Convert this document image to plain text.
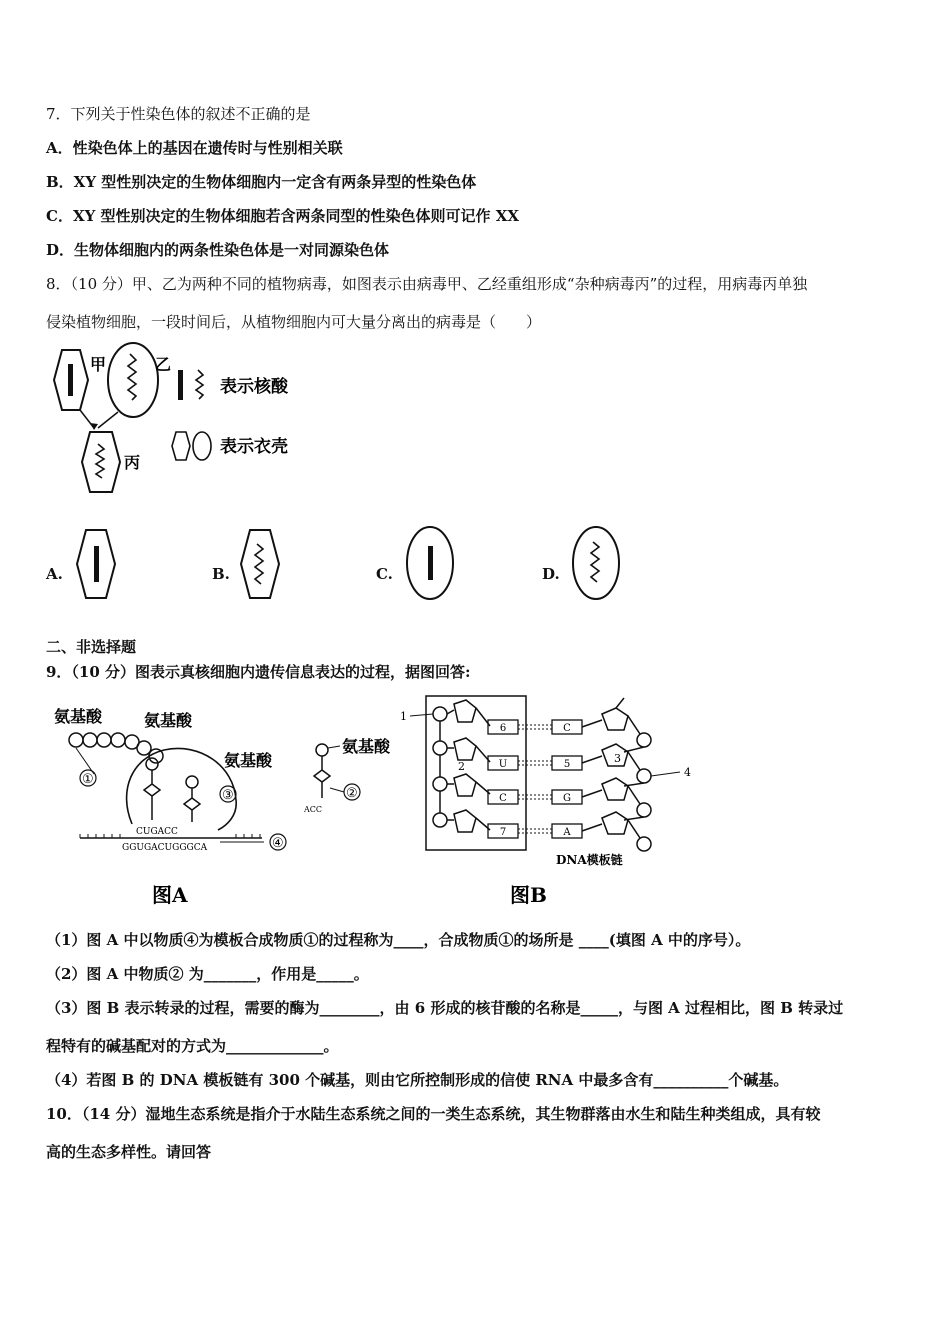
7．下列关于性染色体的叙述不正确的是
A．性染色体上的基因在遗传时与性别相关联
B．XY 型性别决定的生物体细胞内一定含有两条异型的性染色体
C．XY 型性别决定的生物体细胞若含两条同型的性染色体则可记作 XX
D．生物体细胞内的两条性染色体是一对同源染色体
8．（10 分）甲、乙为两种不同的植物病毒，如图表示由病毒甲、乙经重组形成“杂种病毒丙”的过程，用病毒丙单独
侵染植物细胞，一段时间后，从植物细胞内可大量分离出的病毒是（　　）
甲	乙
丙
表示核酸
表示衣壳
A.	B.	C.	D.
二、非选择题
9．（10 分）图表示真核细胞内遗传信息表达的过程，据图回答:
氨基酸	氨基酸
氨基酸
氨基酸
CUGACC
GGUGACUGGGCA
①
③
④
ACC
②
图A
1
2
6
U
C
7
C
5
G
A
3
4
DNA模板链
图B
（1）图 A 中以物质④为模板合成物质①的过程称为____，合成物质①的场所是 ____(填图 A 中的序号）。
（2）图 A 中物质② 为_______，作用是_____。
（3）图 B 表示转录的过程，需要的酶为________，由 6 形成的核苷酸的名称是_____，与图 A 过程相比，图 B 转录过
程特有的碱基配对的方式为_____________。
（4）若图 B 的 DNA 模板链有 300 个碱基，则由它所控制形成的信使 RNA 中最多含有__________个碱基。
10．（14 分）湿地生态系统是指介于水陆生态系统之间的一类生态系统，其生物群落由水生和陆生种类组成，具有较
高的生态多样性。请回答
